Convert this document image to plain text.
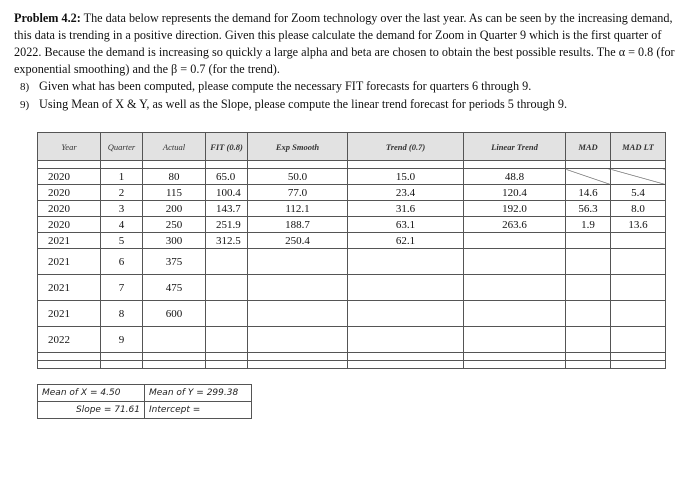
Problem 4.2: The data below represents the demand for Zoom technology over the last year. As can be seen by the increasing demand, this data is trending in a positive direction. Given this please calculate the demand for Zoom in Quarter 9 which is the first quarter of 2022. Because the demand is increasing so quickly a large alpha and beta are chosen to obtain the best possible results. The α = 0.8 (for exponential smoothing) and the β = 0.7 (for the trend).

8) Given what has been computed, please compute the necessary FIT forecasts for quarters 6 through 9.
9) Using Mean of X & Y, as well as the Slope, please compute the linear trend forecast for periods 5 through 9.
Year	Quarter	Actual	FIT (0.8)	Exp Smooth	Trend (0.7)	Linear Trend	MAD	MAD LT

2020	1	80	65.0	50.0	15.0	48.8		
2020	2	115	100.4	77.0	23.4	120.4	14.6	5.4
2020	3	200	143.7	112.1	31.6	192.0	56.3	8.0
2020	4	250	251.9	188.7	63.1	263.6	1.9	13.6
2021	5	300	312.5	250.4	62.1			
2021	6	375						
2021	7	475						
2021	8	600						
2022	9							

Mean of X = 4.50	Mean of Y = 299.38
Slope = 71.61	Intercept =
